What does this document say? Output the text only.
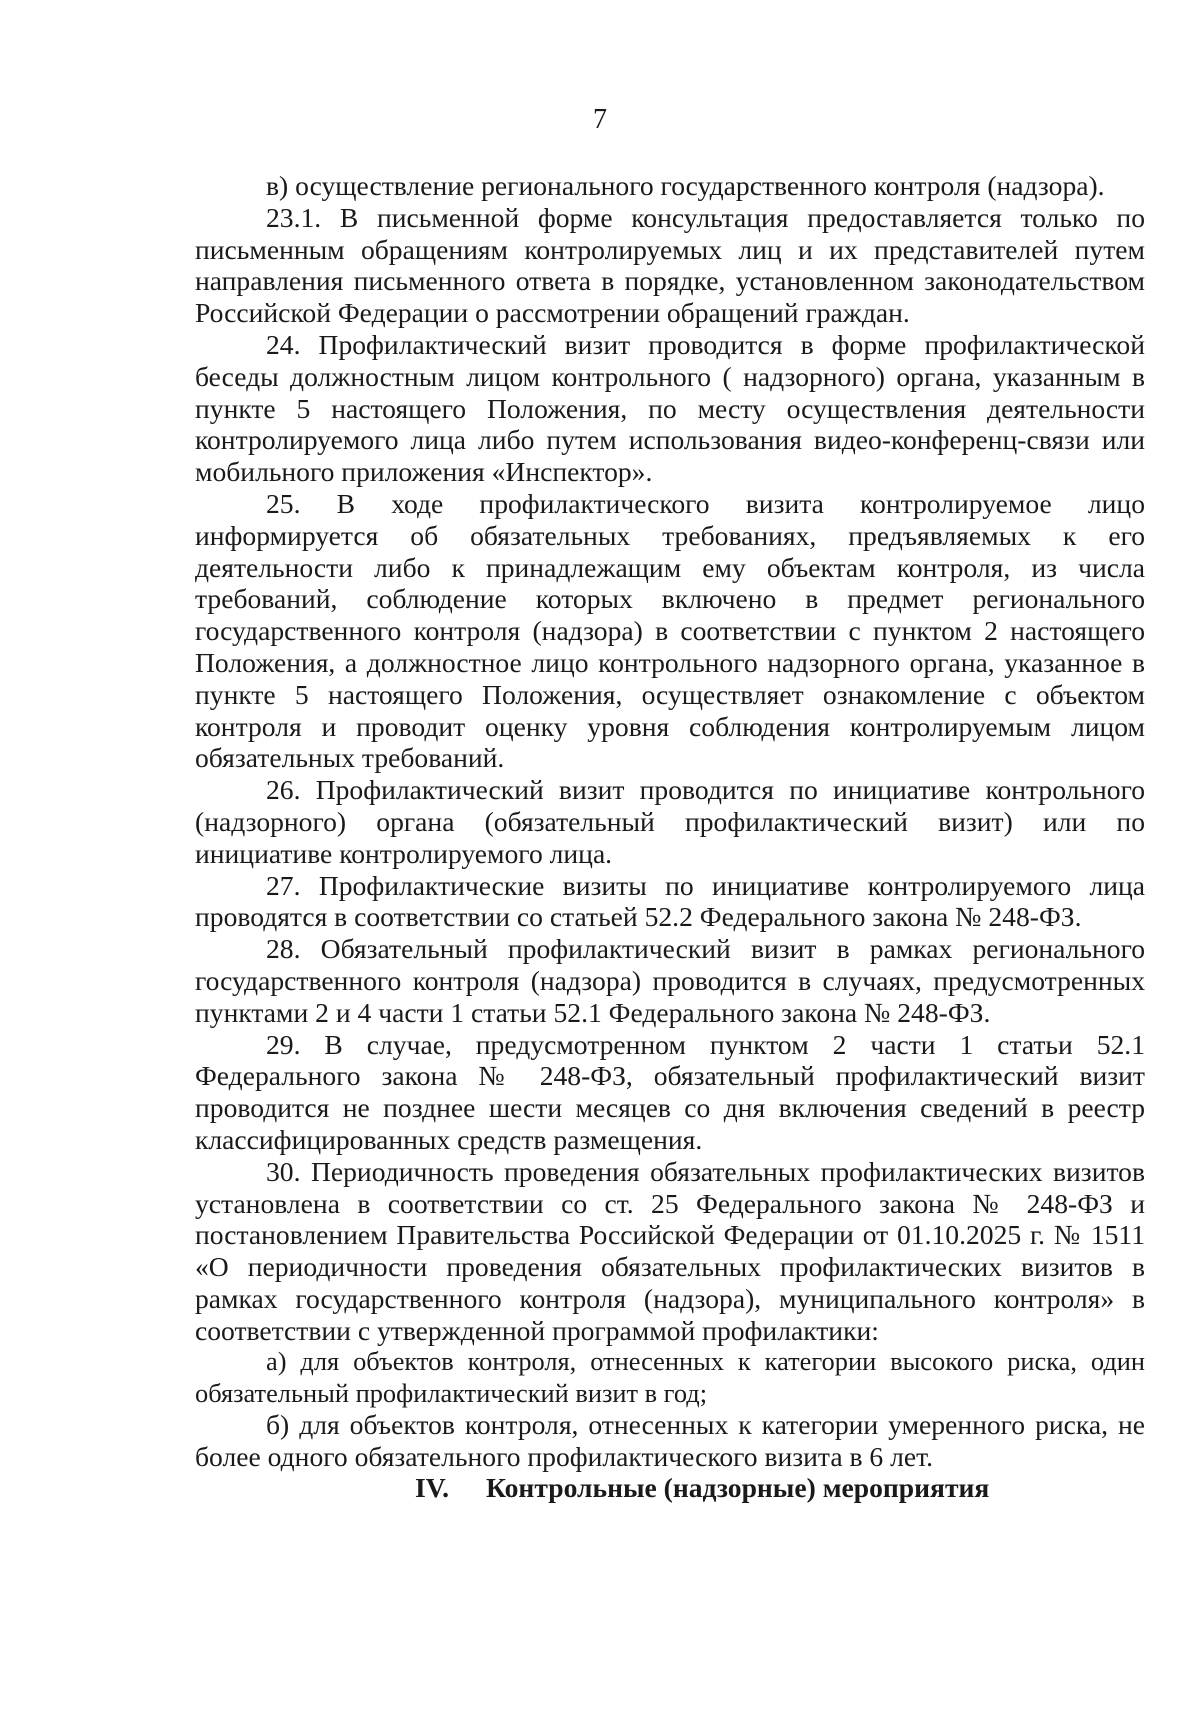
7

в) осуществление регионального государственного контроля (надзора).

23.1. В письменной форме консультация предоставляется только по письменным обращениям контролируемых лиц и их представителей путем направления письменного ответа в порядке, установленном законодательством Российской Федерации о рассмотрении обращений граждан.

24. Профилактический визит проводится в форме профилактической беседы должностным лицом контрольного ( надзорного) органа, указанным в пункте 5 настоящего Положения, по месту осуществления деятельности контролируемого лица либо путем использования видео-конференц-связи или мобильного приложения «Инспектор».

25. В ходе профилактического визита контролируемое лицо информируется об обязательных требованиях, предъявляемых к его деятельности либо к принадлежащим ему объектам контроля, из числа требований, соблюдение которых включено в предмет регионального государственного контроля (надзора) в соответствии с пунктом 2 настоящего Положения, а должностное лицо контрольного надзорного органа, указанное в пункте 5 настоящего Положения, осуществляет ознакомление с объектом контроля и проводит оценку уровня соблюдения контролируемым лицом обязательных требований.

26. Профилактический визит проводится по инициативе контрольного (надзорного) органа (обязательный профилактический визит) или по инициативе контролируемого лица.

27. Профилактические визиты по инициативе контролируемого лица проводятся в соответствии со статьей 52.2 Федерального закона № 248-ФЗ.

28. Обязательный профилактический визит в рамках регионального государственного контроля (надзора) проводится в случаях, предусмотренных пунктами 2 и 4 части 1 статьи 52.1 Федерального закона № 248-ФЗ.

29. В случае, предусмотренном пунктом 2 части 1 статьи 52.1 Федерального закона № 248-ФЗ, обязательный профилактический визит проводится не позднее шести месяцев со дня включения сведений в реестр классифицированных средств размещения.

30. Периодичность проведения обязательных профилактических визитов установлена в соответствии со ст. 25 Федерального закона № 248-ФЗ и постановлением Правительства Российской Федерации от 01.10.2025 г. № 1511 «О периодичности проведения обязательных профилактических визитов в рамках государственного контроля (надзора), муниципального контроля» в соответствии с утвержденной программой профилактики:

а) для объектов контроля, отнесенных к категории высокого риска, один обязательный профилактический визит в год;

б) для объектов контроля, отнесенных к категории умеренного риска, не более одного обязательного профилактического визита в 6 лет.

IV. Контрольные (надзорные) мероприятия
